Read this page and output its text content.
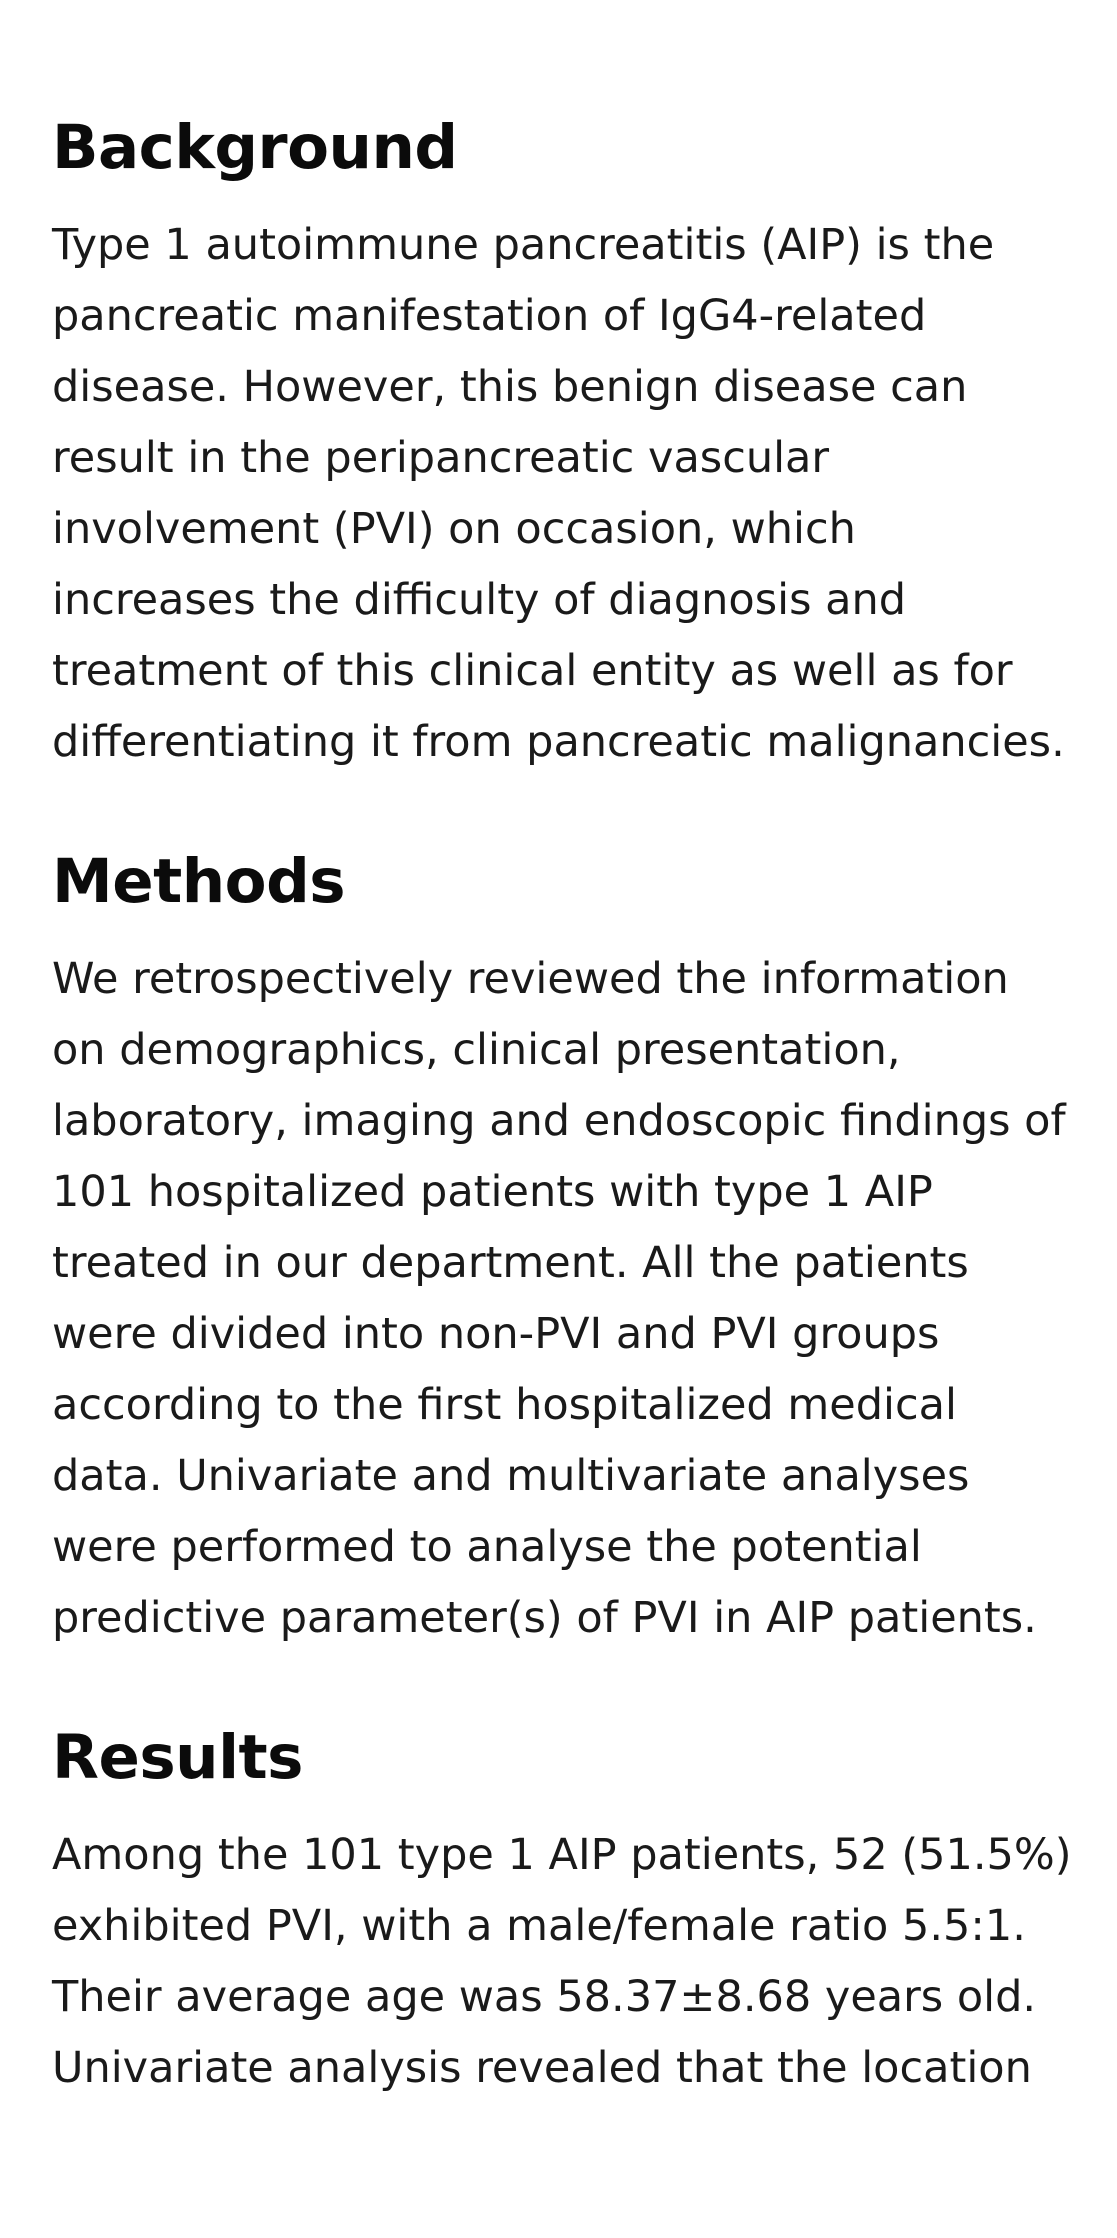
Background

Type 1 autoimmune pancreatitis (AIP) is the pancreatic manifestation of IgG4-related disease. However, this benign disease can result in the peripancreatic vascular involvement (PVI) on occasion, which increases the difficulty of diagnosis and treatment of this clinical entity as well as for differentiating it from pancreatic malignancies.

Methods

We retrospectively reviewed the information on demographics, clinical presentation, laboratory, imaging and endoscopic findings of 101 hospitalized patients with type 1 AIP treated in our department. All the patients were divided into non-PVI and PVI groups according to the first hospitalized medical data. Univariate and multivariate analyses were performed to analyse the potential predictive parameter(s) of PVI in AIP patients.

Results

Among the 101 type 1 AIP patients, 52 (51.5%) exhibited PVI, with a male/female ratio 5.5:1. Their average age was 58.37±8.68 years old. Univariate analysis revealed that the location
